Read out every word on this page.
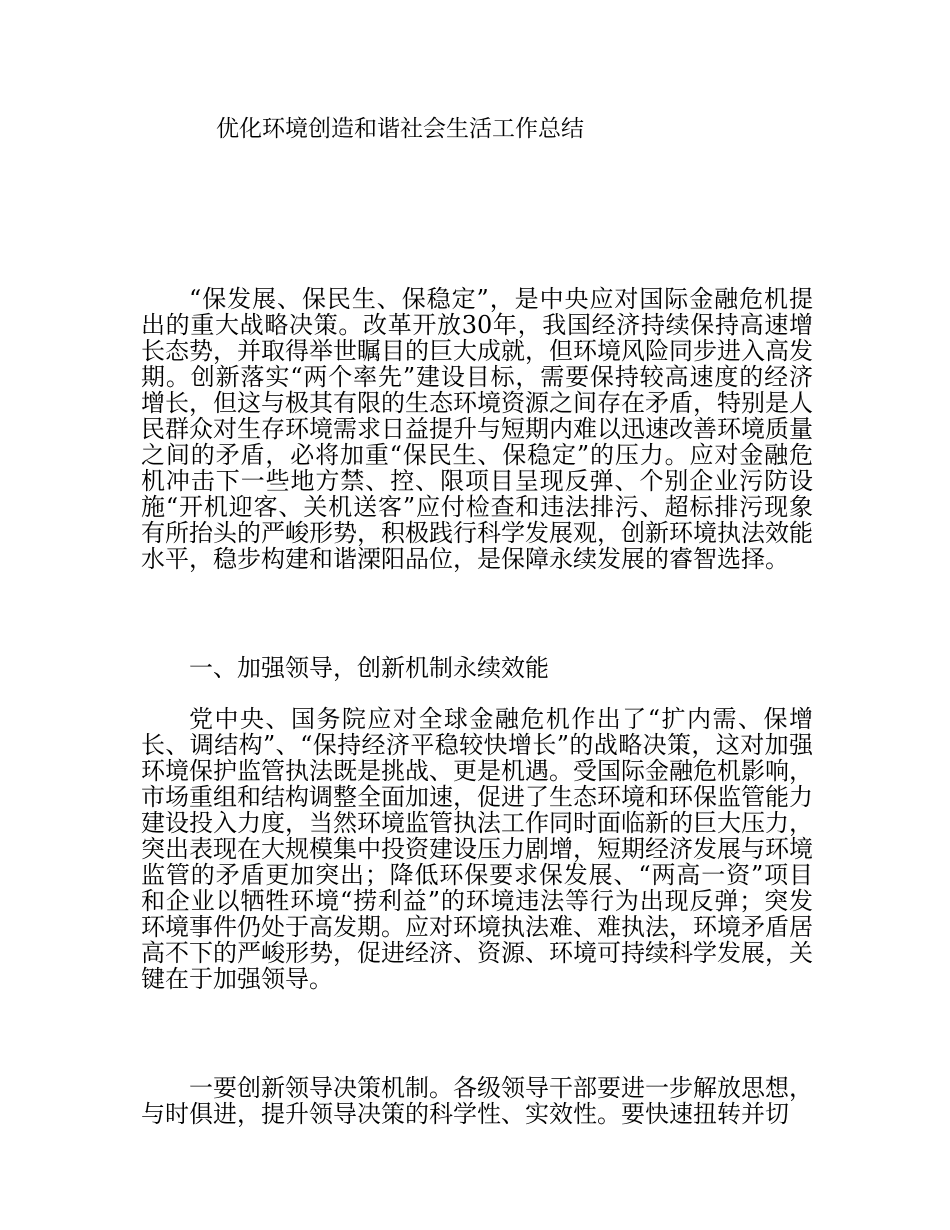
优化环境创造和谐社会生活工作总结

“保发展、保民生、保稳定”，是中央应对国际金融危机提出的重大战略决策。改革开放30年，我国经济持续保持高速增长态势，并取得举世瞩目的巨大成就，但环境风险同步进入高发期。创新落实“两个率先”建设目标，需要保持较高速度的经济增长，但这与极其有限的生态环境资源之间存在矛盾，特别是人民群众对生存环境需求日益提升与短期内难以迅速改善环境质量之间的矛盾，必将加重“保民生、保稳定”的压力。应对金融危机冲击下一些地方禁、控、限项目呈现反弹、个别企业污防设施“开机迎客、关机送客”应付检查和违法排污、超标排污现象有所抬头的严峻形势，积极践行科学发展观，创新环境执法效能水平，稳步构建和谐溧阳品位，是保障永续发展的睿智选择。

一、加强领导，创新机制永续效能

党中央、国务院应对全球金融危机作出了“扩内需、保增长、调结构”、“保持经济平稳较快增长”的战略决策，这对加强环境保护监管执法既是挑战、更是机遇。受国际金融危机影响，市场重组和结构调整全面加速，促进了生态环境和环保监管能力建设投入力度，当然环境监管执法工作同时面临新的巨大压力，突出表现在大规模集中投资建设压力剧增，短期经济发展与环境监管的矛盾更加突出；降低环保要求保发展、“两高一资”项目和企业以牺牲环境“捞利益”的环境违法等行为出现反弹；突发环境事件仍处于高发期。应对环境执法难、难执法，环境矛盾居高不下的严峻形势，促进经济、资源、环境可持续科学发展，关键在于加强领导。

一要创新领导决策机制。各级领导干部要进一步解放思想，与时俱进，提升领导决策的科学性、实效性。要快速扭转并切
